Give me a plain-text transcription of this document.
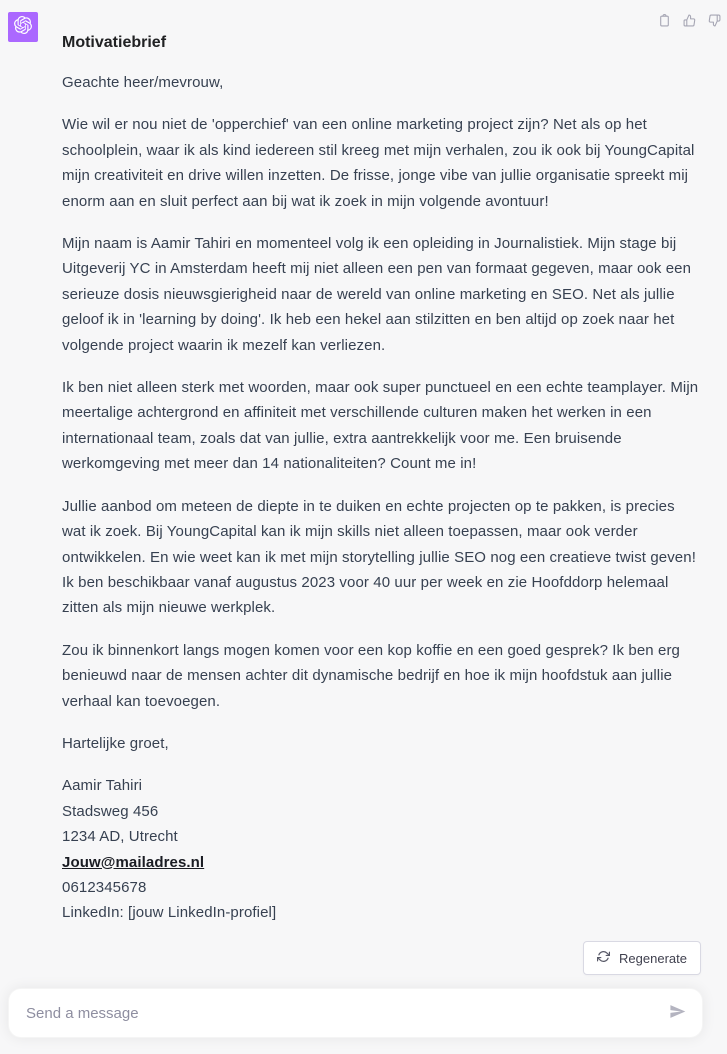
Motivatiebrief

Geachte heer/mevrouw,

Wie wil er nou niet de 'opperchief' van een online marketing project zijn? Net als op het schoolplein, waar ik als kind iedereen stil kreeg met mijn verhalen, zou ik ook bij YoungCapital mijn creativiteit en drive willen inzetten. De frisse, jonge vibe van jullie organisatie spreekt mij enorm aan en sluit perfect aan bij wat ik zoek in mijn volgende avontuur!

Mijn naam is Aamir Tahiri en momenteel volg ik een opleiding in Journalistiek. Mijn stage bij Uitgeverij YC in Amsterdam heeft mij niet alleen een pen van formaat gegeven, maar ook een serieuze dosis nieuwsgierigheid naar de wereld van online marketing en SEO. Net als jullie geloof ik in 'learning by doing'. Ik heb een hekel aan stilzitten en ben altijd op zoek naar het volgende project waarin ik mezelf kan verliezen.

Ik ben niet alleen sterk met woorden, maar ook super punctueel en een echte teamplayer. Mijn meertalige achtergrond en affiniteit met verschillende culturen maken het werken in een internationaal team, zoals dat van jullie, extra aantrekkelijk voor me. Een bruisende werkomgeving met meer dan 14 nationaliteiten? Count me in!

Jullie aanbod om meteen de diepte in te duiken en echte projecten op te pakken, is precies wat ik zoek. Bij YoungCapital kan ik mijn skills niet alleen toepassen, maar ook verder ontwikkelen. En wie weet kan ik met mijn storytelling jullie SEO nog een creatieve twist geven! Ik ben beschikbaar vanaf augustus 2023 voor 40 uur per week en zie Hoofddorp helemaal zitten als mijn nieuwe werkplek.

Zou ik binnenkort langs mogen komen voor een kop koffie en een goed gesprek? Ik ben erg benieuwd naar de mensen achter dit dynamische bedrijf en hoe ik mijn hoofdstuk aan jullie verhaal kan toevoegen.

Hartelijke groet,

Aamir Tahiri
Stadsweg 456
1234 AD, Utrecht
Jouw@mailadres.nl
0612345678
LinkedIn: [jouw LinkedIn-profiel]
Regenerate
Send a message
